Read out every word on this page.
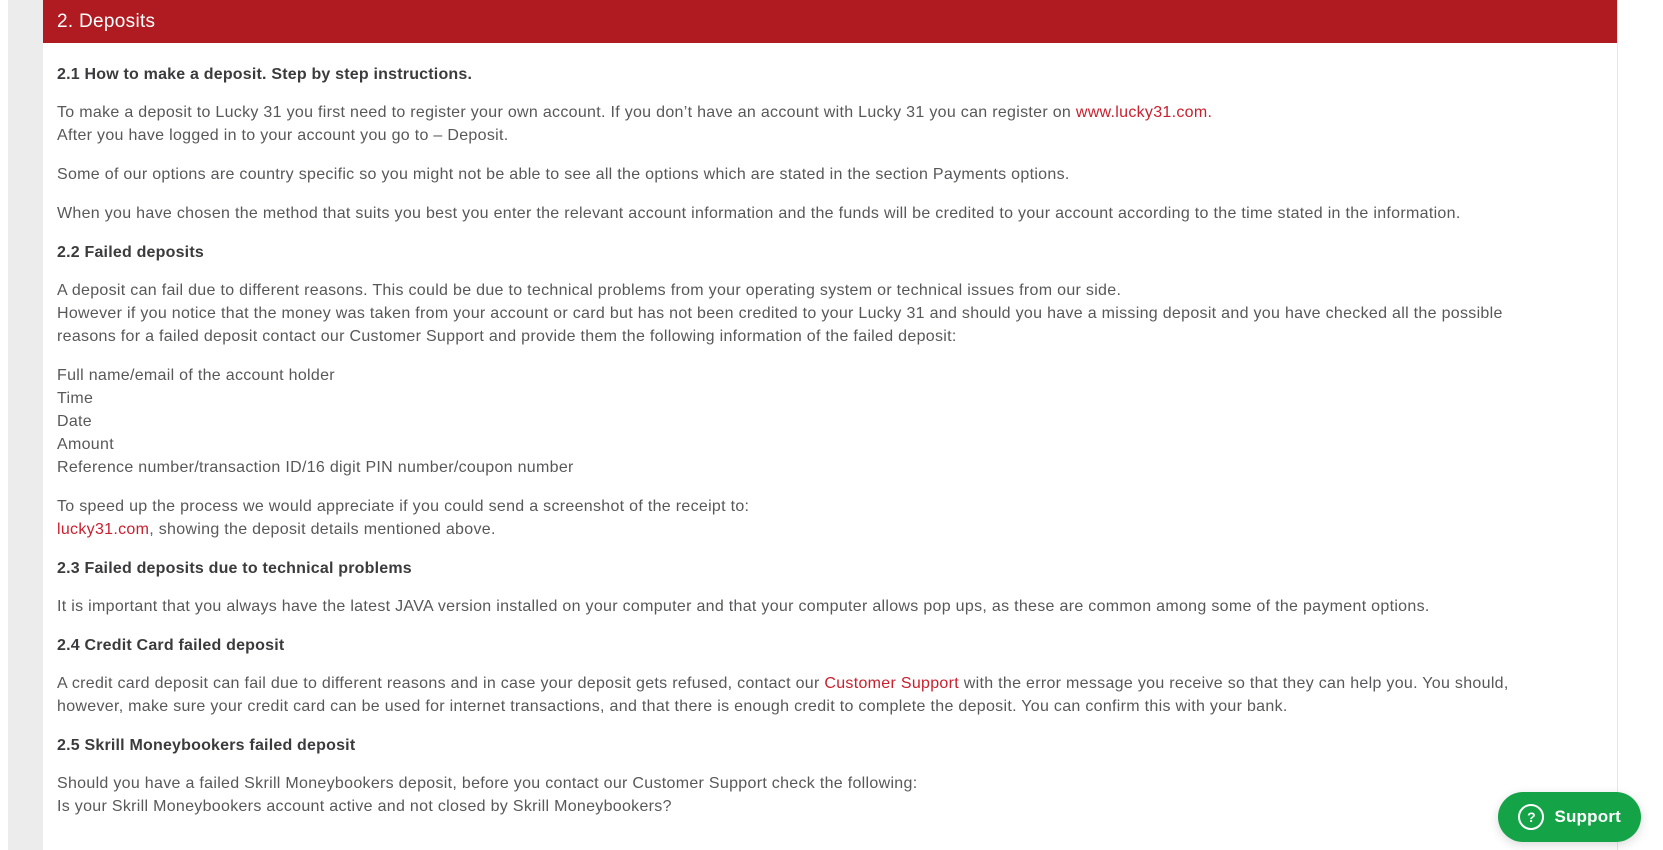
2. Deposits
2.1 How to make a deposit. Step by step instructions.
To make a deposit to Lucky 31 you first need to register your own account. If you don’t have an account with Lucky 31 you can register on www.lucky31.com.
After you have logged in to your account you go to – Deposit.
Some of our options are country specific so you might not be able to see all the options which are stated in the section Payments options.
When you have chosen the method that suits you best you enter the relevant account information and the funds will be credited to your account according to the time stated in the information.
2.2 Failed deposits
A deposit can fail due to different reasons. This could be due to technical problems from your operating system or technical issues from our side.
However if you notice that the money was taken from your account or card but has not been credited to your Lucky 31 and should you have a missing deposit and you have checked all the possible
reasons for a failed deposit contact our Customer Support and provide them the following information of the failed deposit:
Full name/email of the account holder
Time
Date
Amount
Reference number/transaction ID/16 digit PIN number/coupon number
To speed up the process we would appreciate if you could send a screenshot of the receipt to:
lucky31.com, showing the deposit details mentioned above.
2.3 Failed deposits due to technical problems
It is important that you always have the latest JAVA version installed on your computer and that your computer allows pop ups, as these are common among some of the payment options.
2.4 Credit Card failed deposit
A credit card deposit can fail due to different reasons and in case your deposit gets refused, contact our Customer Support with the error message you receive so that they can help you. You should,
however, make sure your credit card can be used for internet transactions, and that there is enough credit to complete the deposit. You can confirm this with your bank.
2.5 Skrill Moneybookers failed deposit
Should you have a failed Skrill Moneybookers deposit, before you contact our Customer Support check the following:
Is your Skrill Moneybookers account active and not closed by Skrill Moneybookers?
?	Support
